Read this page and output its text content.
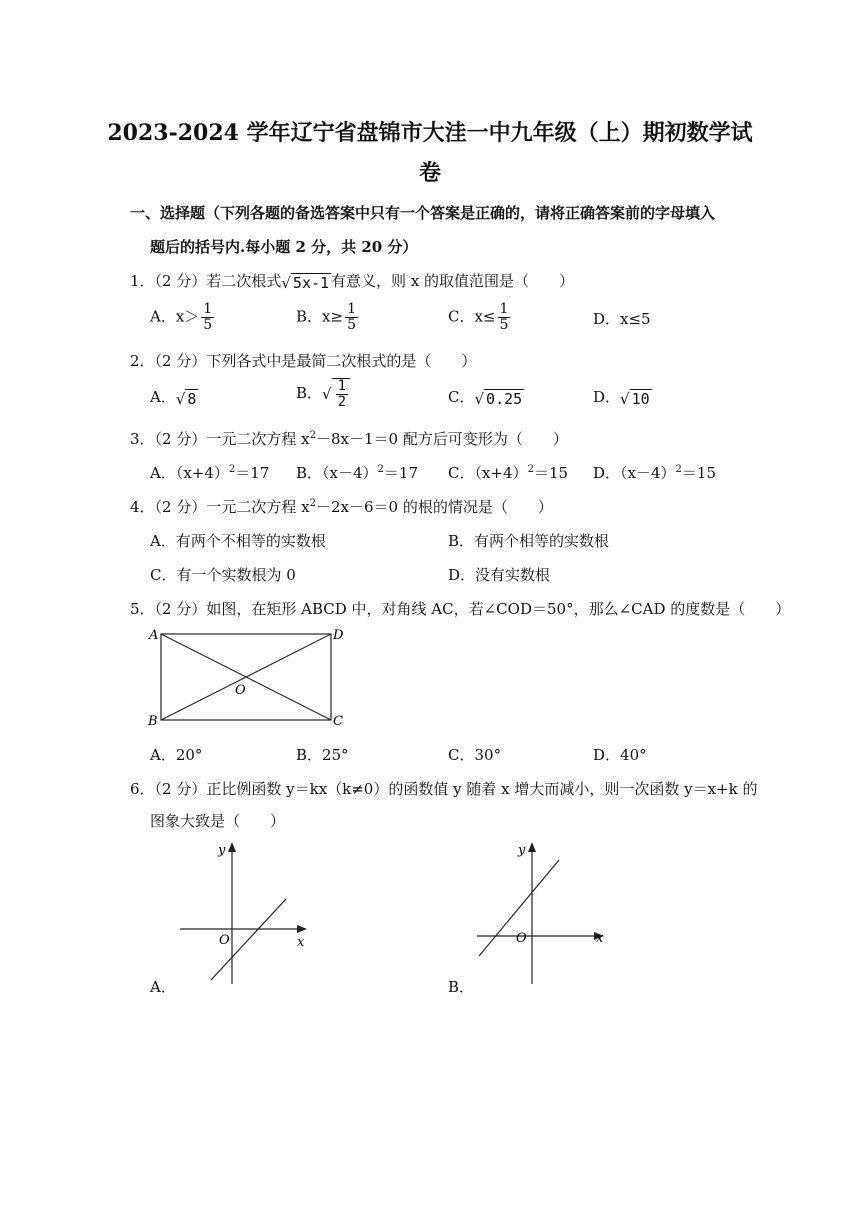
2023-2024 学年辽宁省盘锦市大洼一中九年级（上）期初数学试
卷
一、选择题（下列各题的备选答案中只有一个答案是正确的，请将正确答案前的字母填入
题后的括号内.每小题 2 分，共 20 分）
1．（2 分）若二次根式√ 5x-1 有意义，则 x 的取值范围是（　　）
A．$x> \frac{1}{5}$	B．$x\ge \frac{1}{5}$	C．$x\le \frac{1}{5}$	D．x≤5
2．（2 分）下列各式中是最简二次根式的是（　　）
A．√ 8	B．√ $\frac{1}{2}$	C．√ 0.25	D．√ 10
3．（2 分）一元二次方程 $x^2-8x-1=0$ 配方后可变形为（　　）
A．$(x+4)^2=17$ B．$(x-4)^2=17$ C．$(x+4)^2=15$ D．$(x-4)^2=15$
4．（2 分）一元二次方程 $x^2-2x-6=0$ 的根的情况是（　　）
A．有两个不相等的实数根	B．有两个相等的实数根
C．有一个实数根为 0	D．没有实数根
5．（2 分）如图，在矩形 ABCD 中，对角线 AC，若∠COD＝50°，那么∠CAD 的度数是（　　）
A	D
B	C
O
A．20°	B．25°	C．30°	D．40°
6．（2 分）正比例函数 y＝kx（k≠0）的函数值 y 随着 x 增大而减小，则一次函数 y＝x+k 的
图象大致是（　　）
y
x
O
A．
y
x
O
B．
